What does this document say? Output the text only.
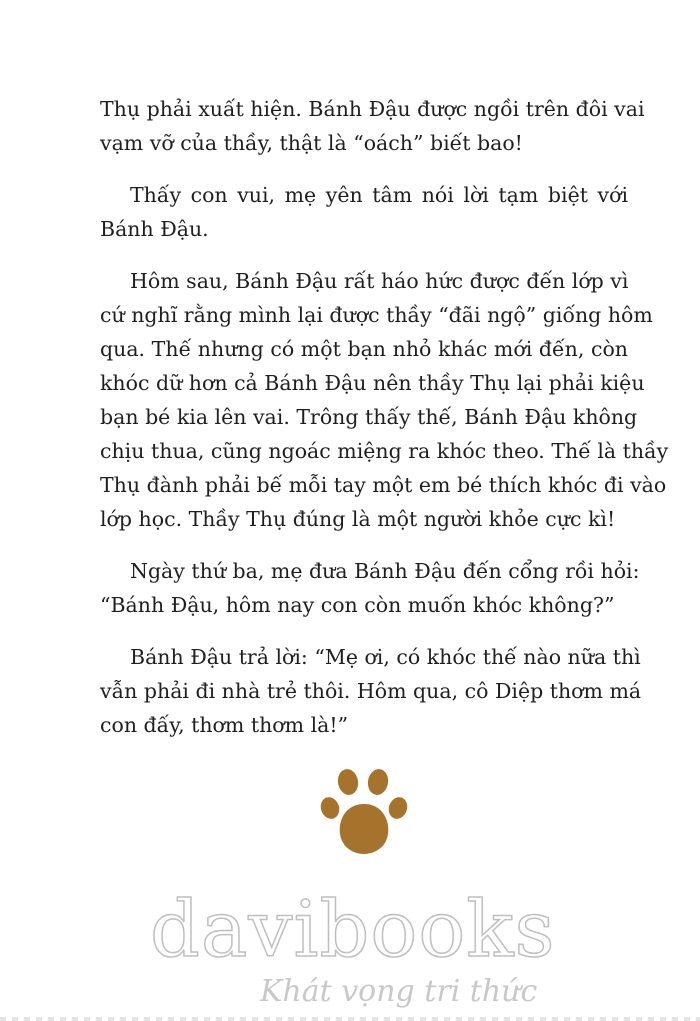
Thụ phải xuất hiện. Bánh Đậu được ngồi trên đôi vai
vạm vỡ của thầy, thật là “oách” biết bao!

Thấy con vui, mẹ yên tâm nói lời tạm biệt với
Bánh Đậu.

Hôm sau, Bánh Đậu rất háo hức được đến lớp vì
cứ nghĩ rằng mình lại được thầy “đãi ngộ” giống hôm
qua. Thế nhưng có một bạn nhỏ khác mới đến, còn
khóc dữ hơn cả Bánh Đậu nên thầy Thụ lại phải kiệu
bạn bé kia lên vai. Trông thấy thế, Bánh Đậu không
chịu thua, cũng ngoác miệng ra khóc theo. Thế là thầy
Thụ đành phải bế mỗi tay một em bé thích khóc đi vào
lớp học. Thầy Thụ đúng là một người khỏe cực kì!

Ngày thứ ba, mẹ đưa Bánh Đậu đến cổng rồi hỏi:
“Bánh Đậu, hôm nay con còn muốn khóc không?”

Bánh Đậu trả lời: “Mẹ ơi, có khóc thế nào nữa thì
vẫn phải đi nhà trẻ thôi. Hôm qua, cô Diệp thơm má
con đấy, thơm thơm là!”

davibooks
Khát vọng tri thức
